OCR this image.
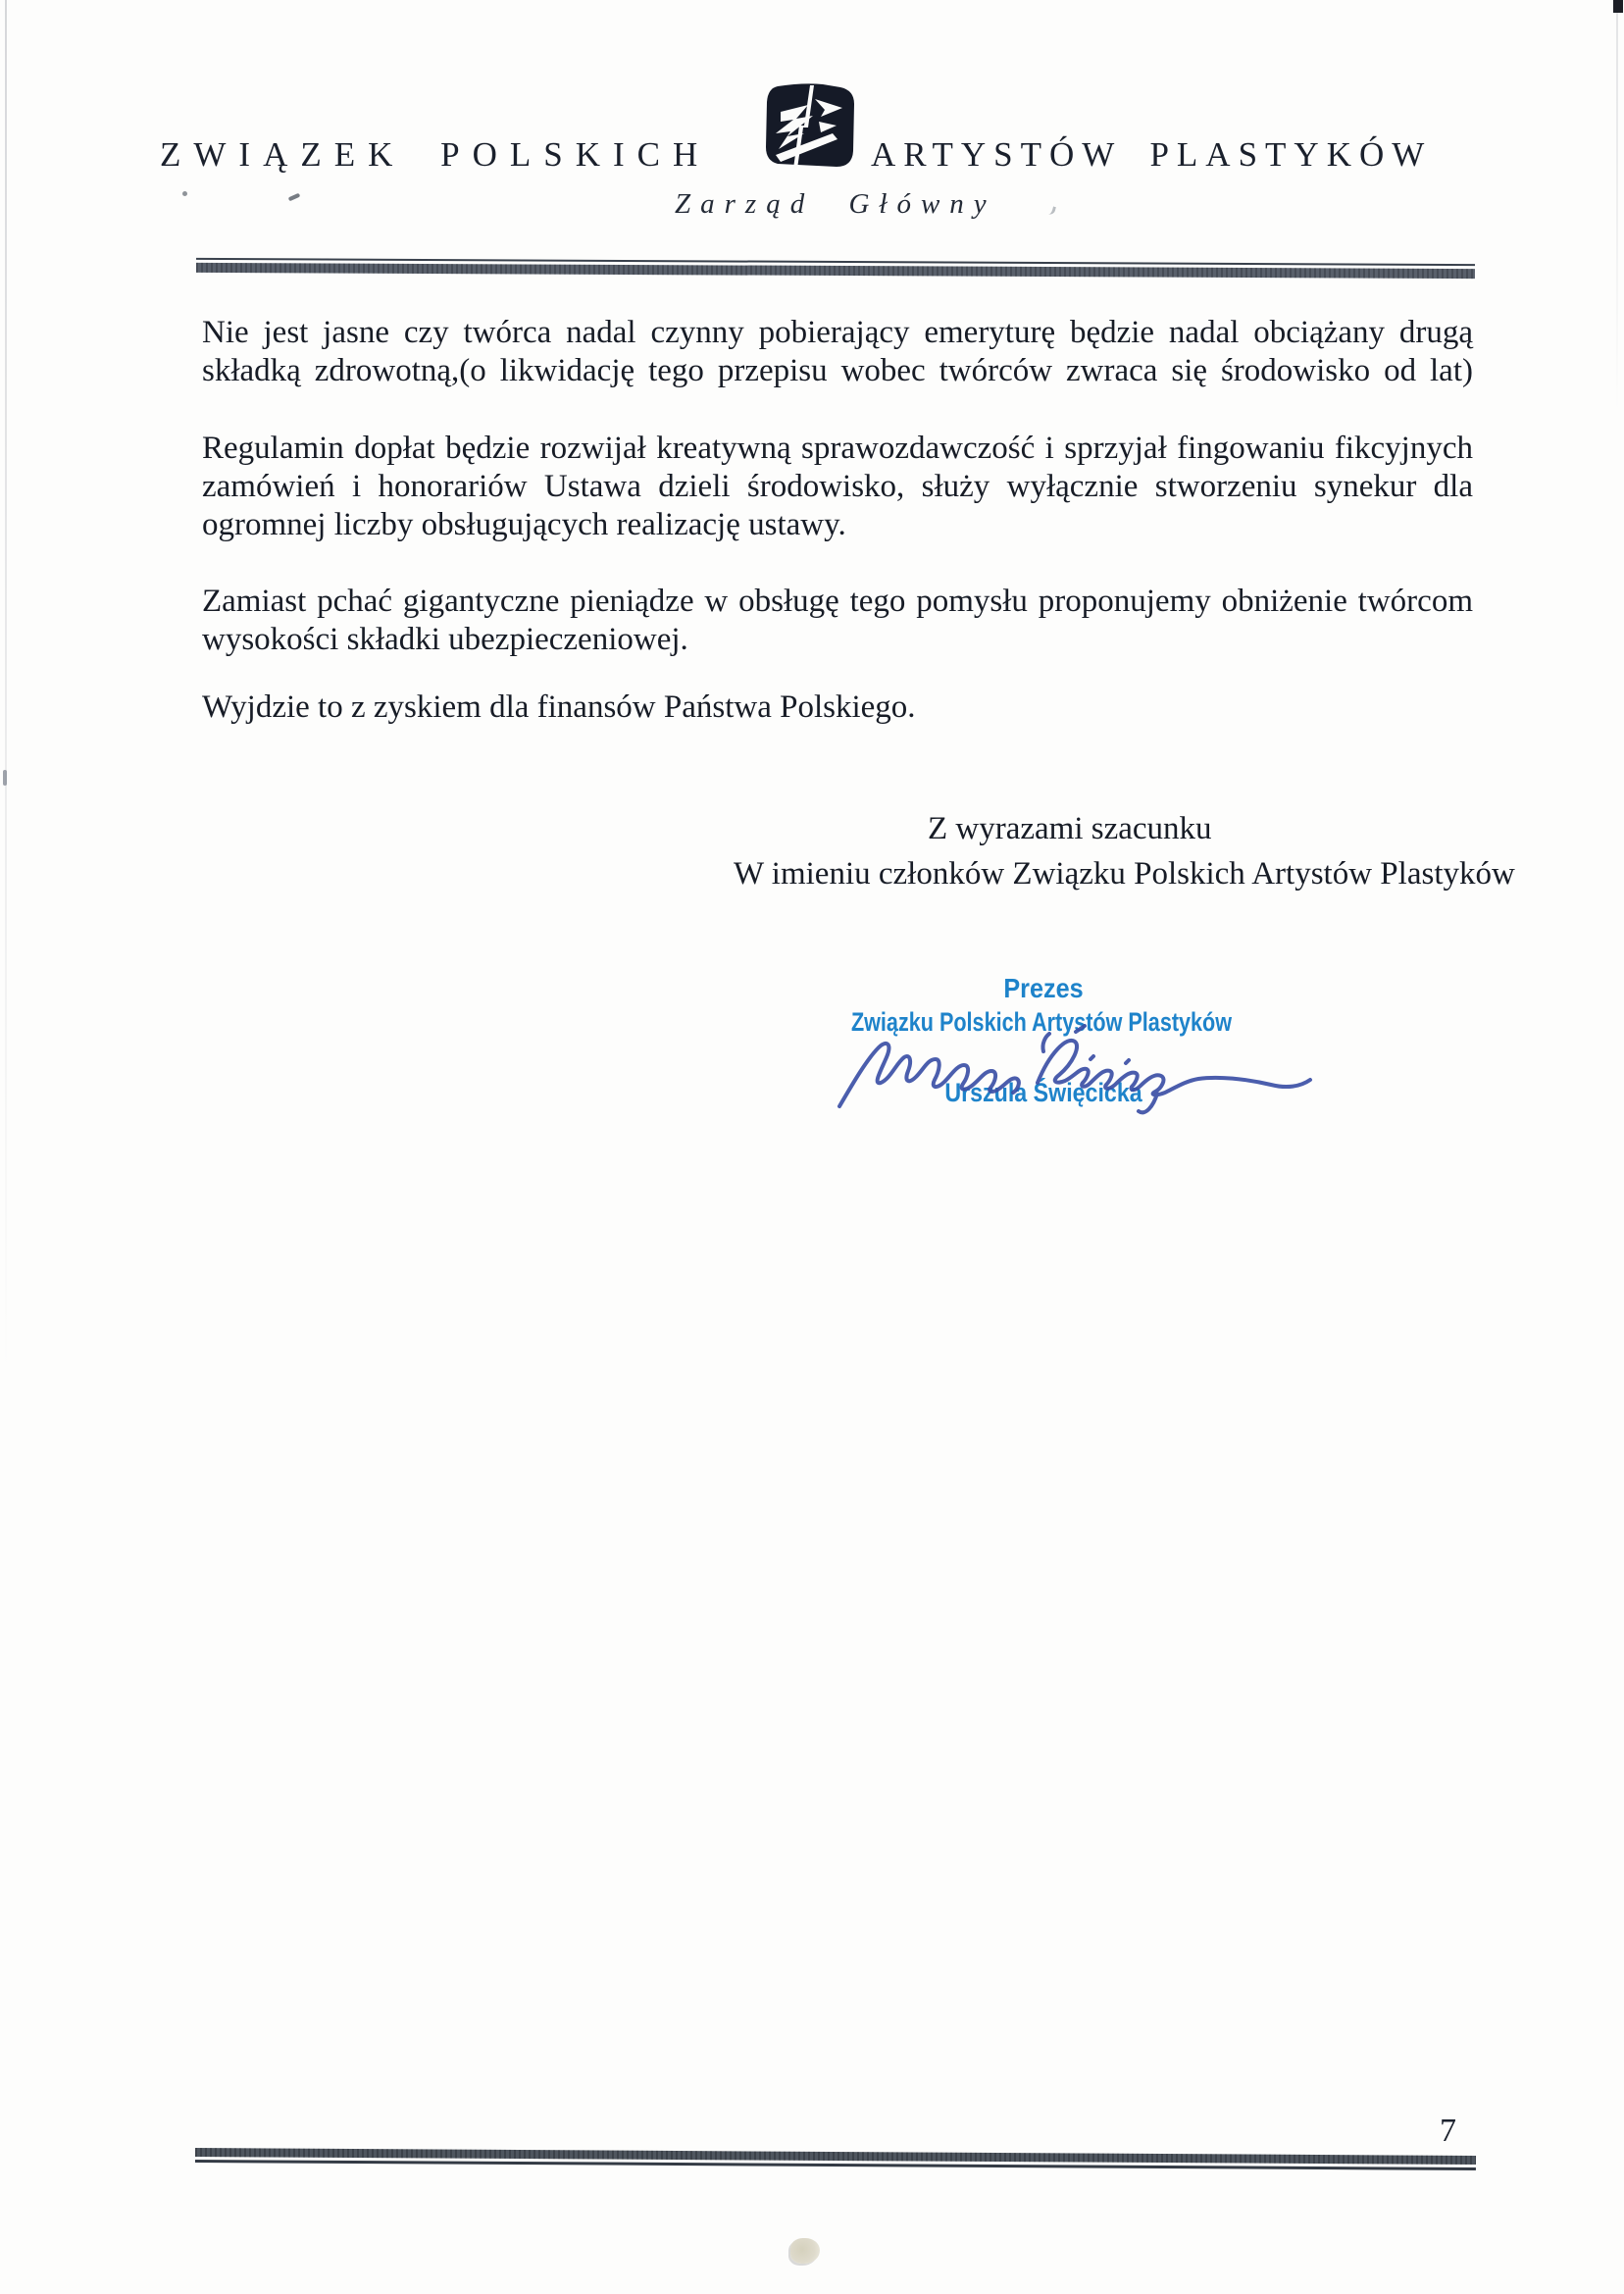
ZWIĄZEK POLSKICH	ARTYSTÓW PLASTYKÓW
Zarząd Główny
Nie jest jasne czy twórca nadal czynny pobierający emeryturę będzie nadal obciążany drugą
składką zdrowotną,(o likwidację tego przepisu wobec twórców zwraca się środowisko od lat)
Regulamin dopłat będzie rozwijał kreatywną sprawozdawczość i sprzyjał fingowaniu fikcyjnych
zamówień i honorariów Ustawa dzieli środowisko, służy wyłącznie stworzeniu synekur dla
ogromnej liczby obsługujących realizację ustawy.
Zamiast pchać gigantyczne pieniądze w obsługę tego pomysłu proponujemy obniżenie twórcom
wysokości składki ubezpieczeniowej.
Wyjdzie to z zyskiem dla finansów Państwa Polskiego.
Z wyrazami szacunku
W imieniu członków Związku Polskich Artystów Plastyków
Prezes
Związku Polskich Artystów Plastyków
Urszula Święcicka
7
